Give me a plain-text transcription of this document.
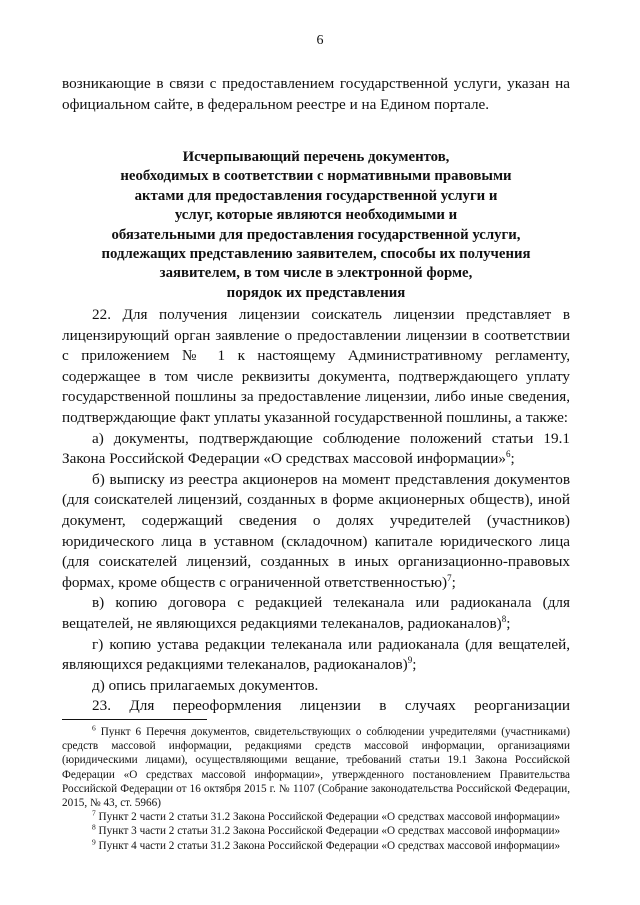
6

возникающие в связи с предоставлением государственной услуги, указан на

официальном сайте, в федеральном реестре и на Едином портале.

Исчерпывающий перечень документов,
необходимых в соответствии с нормативными правовыми
актами для предоставления государственной услуги и
услуг, которые являются необходимыми и
обязательными для предоставления государственной услуги,
подлежащих представлению заявителем, способы их получения
заявителем, в том числе в электронной форме,
порядок их представления

22. Для получения лицензии соискатель лицензии представляет в лицензирующий орган заявление о предоставлении лицензии в соответствии с приложением № 1 к настоящему Административному регламенту, содержащее в том числе реквизиты документа, подтверждающего уплату государственной пошлины за предоставление лицензии, либо иные сведения, подтверждающие факт уплаты указанной государственной пошлины, а также:

а) документы, подтверждающие соблюдение положений статьи 19.1 Закона Российской Федерации «О средствах массовой информации»$^6$;

б) выписку из реестра акционеров на момент представления документов (для соискателей лицензий, созданных в форме акционерных обществ), иной документ, содержащий сведения о долях учредителей (участников) юридического лица в уставном (складочном) капитале юридического лица (для соискателей лицензий, созданных в иных организационно-правовых формах, кроме обществ с ограниченной ответственностью)$^7$;

в) копию договора с редакцией телеканала или радиоканала (для вещателей, не являющихся редакциями телеканалов, радиоканалов)$^8$;

г) копию устава редакции телеканала или радиоканала (для вещателей, являющихся редакциями телеканалов, радиоканалов)$^9$;

д) опись прилагаемых документов.

23. Для переоформления лицензии в случаях реорганизации

$^6$ Пункт 6 Перечня документов, свидетельствующих о соблюдении учредителями (участниками) средств массовой информации, редакциями средств массовой информации, организациями (юридическими лицами), осуществляющими вещание, требований статьи 19.1 Закона Российской Федерации «О средствах массовой информации», утвержденного постановлением Правительства Российской Федерации от 16 октября 2015 г. № 1107 (Собрание законодательства Российской Федерации, 2015, № 43, ст. 5966)

$^7$ Пункт 2 части 2 статьи 31.2 Закона Российской Федерации «О средствах массовой информации»

$^8$ Пункт 3 части 2 статьи 31.2 Закона Российской Федерации «О средствах массовой информации»

$^9$ Пункт 4 части 2 статьи 31.2 Закона Российской Федерации «О средствах массовой информации»
